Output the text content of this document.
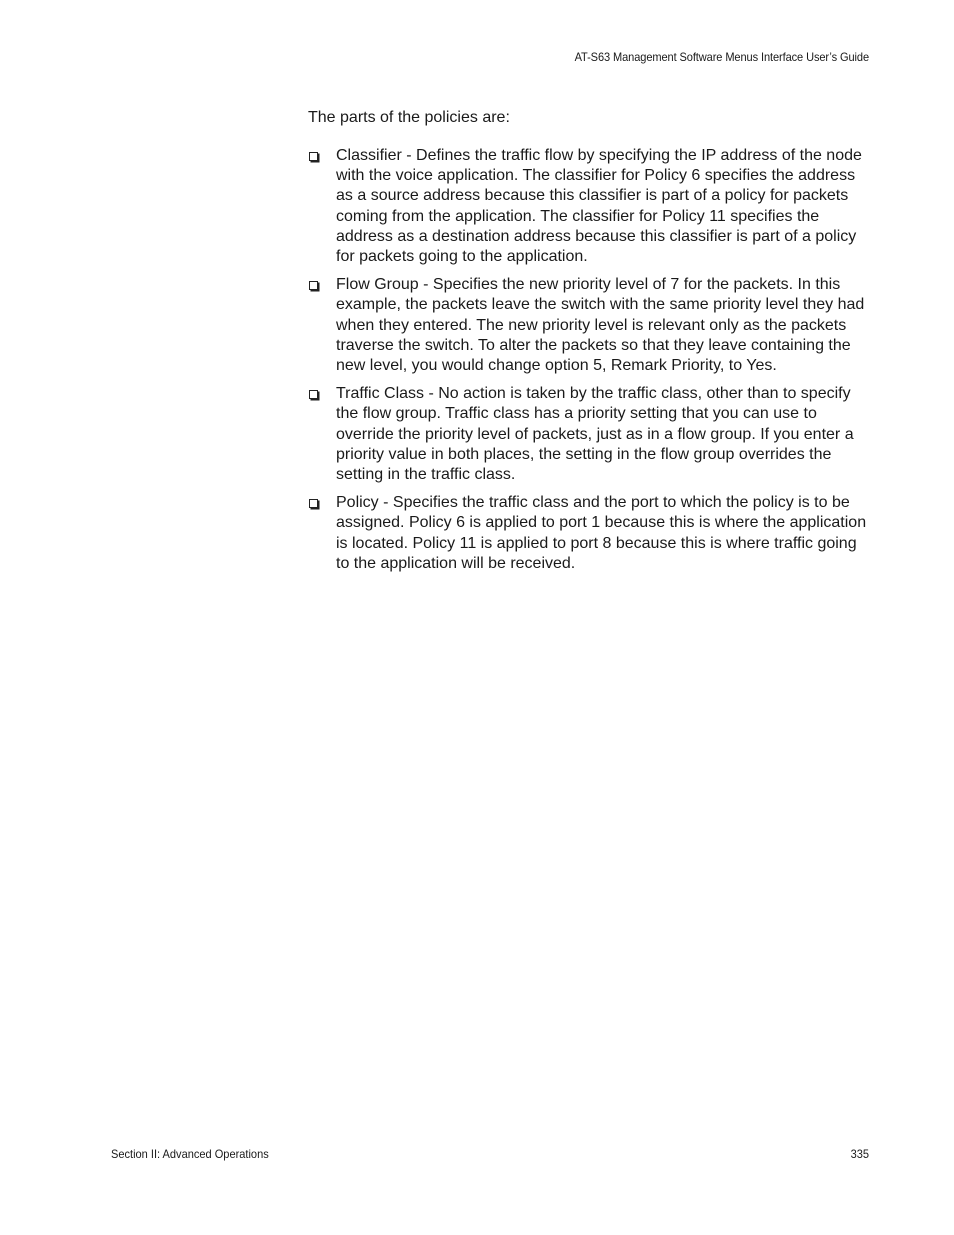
AT-S63 Management Software Menus Interface User’s Guide

The parts of the policies are:

Classifier - Defines the traffic flow by specifying the IP address of the node with the voice application. The classifier for Policy 6 specifies the address as a source address because this classifier is part of a policy for packets coming from the application. The classifier for Policy 11 specifies the address as a destination address because this classifier is part of a policy for packets going to the application.
Flow Group - Specifies the new priority level of 7 for the packets. In this example, the packets leave the switch with the same priority level they had when they entered. The new priority level is relevant only as the packets traverse the switch. To alter the packets so that they leave containing the new level, you would change option 5, Remark Priority, to Yes.
Traffic Class - No action is taken by the traffic class, other than to specify the flow group. Traffic class has a priority setting that you can use to override the priority level of packets, just as in a flow group. If you enter a priority value in both places, the setting in the flow group overrides the setting in the traffic class.
Policy - Specifies the traffic class and the port to which the policy is to be assigned. Policy 6 is applied to port 1 because this is where the application is located. Policy 11 is applied to port 8 because this is where traffic going to the application will be received.
Section II: Advanced Operations	335
